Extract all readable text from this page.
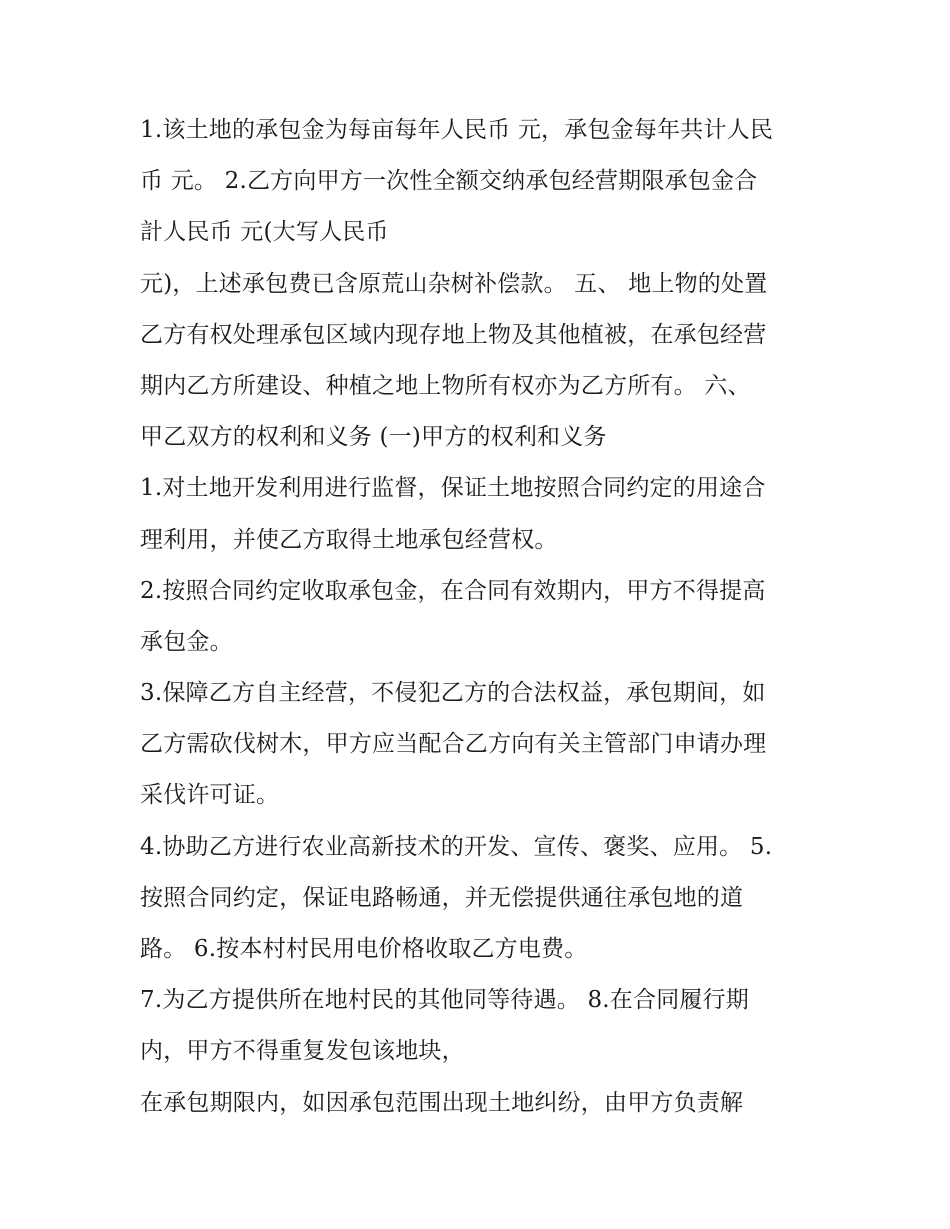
1.该土地的承包金为每亩每年人民币 元，承包金每年共计人民
币 元。 2.乙方向甲方一次性全额交纳承包经营期限承包金合
計人民币 元(大写人民币
元)，上述承包费已含原荒山杂树补偿款。 五、 地上物的处置
乙方有权处理承包区域内现存地上物及其他植被，在承包经营
期内乙方所建设、种植之地上物所有权亦为乙方所有。 六、
甲乙双方的权利和义务 (一)甲方的权利和义务
1.对土地开发利用进行监督，保证土地按照合同约定的用途合
理利用，并使乙方取得土地承包经营权。
2.按照合同约定收取承包金，在合同有效期内，甲方不得提高
承包金。
3.保障乙方自主经营，不侵犯乙方的合法权益，承包期间，如
乙方需砍伐树木，甲方应当配合乙方向有关主管部门申请办理
采伐许可证。
4.协助乙方进行农业高新技术的开发、宣传、褒奖、应用。 5.
按照合同约定，保证电路畅通，并无偿提供通往承包地的道
路。 6.按本村村民用电价格收取乙方电费。
7.为乙方提供所在地村民的其他同等待遇。 8.在合同履行期
内，甲方不得重复发包该地块，
在承包期限内，如因承包范围出现土地纠纷，由甲方负责解
